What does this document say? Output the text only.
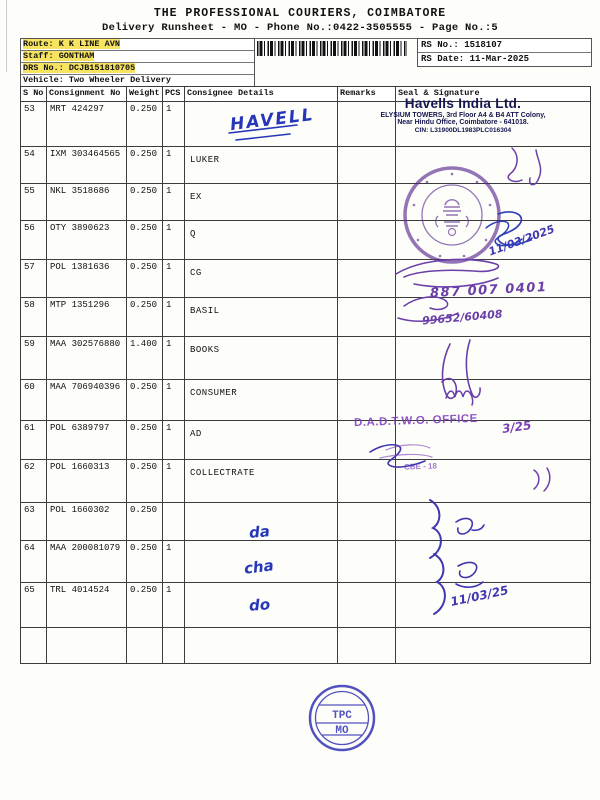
THE PROFESSIONAL COURIERS, COIMBATORE
Delivery Runsheet - MO - Phone No.:0422-3505555 - Page No.:5
Route: K K LINE AVN
Staff: GONTHAM
DRS No.: DCJB151810705
Vehicle: Two Wheeler Delivery
RS No.: 1518107
RS Date: 11-Mar-2025
S No	Consignment No	Weight	PCS	Consignee Details	Remarks	Seal & Signature
53	MRT 424297	0.250	1			
54	IXM 303464565	0.250	1	LUKER		
55	NKL 3518686	0.250	1	EX		
56	OTY 3890623	0.250	1	Q		
57	POL 1381636	0.250	1	CG		
58	MTP 1351296	0.250	1	BASIL		
59	MAA 302576880	1.400	1	BOOKS		
60	MAA 706940396	0.250	1	CONSUMER		
61	POL 6389797	0.250	1	AD		
62	POL 1660313	0.250	1	COLLECTRATE		
63	POL 1660302	0.250				
64	MAA 200081079	0.250	1			
65	TRL 4014524	0.250	1			

Havells India Ltd.
ELYSIUM TOWERS, 3rd Floor A4 & B4 ATT Colony,
Near Hindu Office, Coimbatore - 641018.
CIN: L31900DL1983PLC016304
D.A.D.T.W.O. OFFICE
CBE - 18
HAVELL
da
cha
do
11/03/2025
887 007 0401
99652/60408
3/25
11/03/25
TPC
MO
